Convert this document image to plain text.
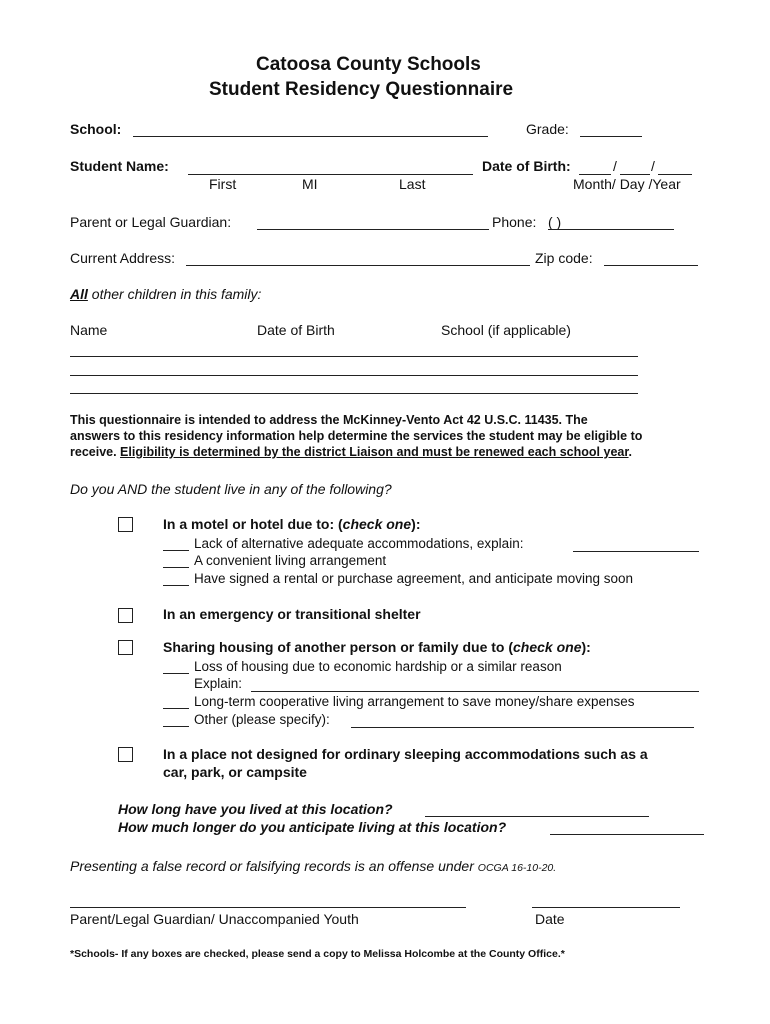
Catoosa County Schools
Student Residency Questionnaire
School:	Grade:
Student Name:
First	MI	Last
Date of Birth:	/ /
Month/ Day /Year
Parent or Legal Guardian:	Phone: ( )
Current Address:	Zip code:
All other children in this family:
Name	Date of Birth	School (if applicable)
This questionnaire is intended to address the McKinney-Vento Act 42 U.S.C. 11435. The
answers to this residency information help determine the services the student may be eligible to
receive. Eligibility is determined by the district Liaison and must be renewed each school year.
Do you AND the student live in any of the following?
In a motel or hotel due to: (check one):
Lack of alternative adequate accommodations, explain:
A convenient living arrangement
Have signed a rental or purchase agreement, and anticipate moving soon
In an emergency or transitional shelter
Sharing housing of another person or family due to (check one):
Loss of housing due to economic hardship or a similar reason
Explain:
Long-term cooperative living arrangement to save money/share expenses
Other (please specify):
In a place not designed for ordinary sleeping accommodations such as a
car, park, or campsite
How long have you lived at this location?
How much longer do you anticipate living at this location?
Presenting a false record or falsifying records is an offense under OCGA 16-10-20.
Parent/Legal Guardian/ Unaccompanied Youth	Date
*Schools- If any boxes are checked, please send a copy to Melissa Holcombe at the County Office.*
